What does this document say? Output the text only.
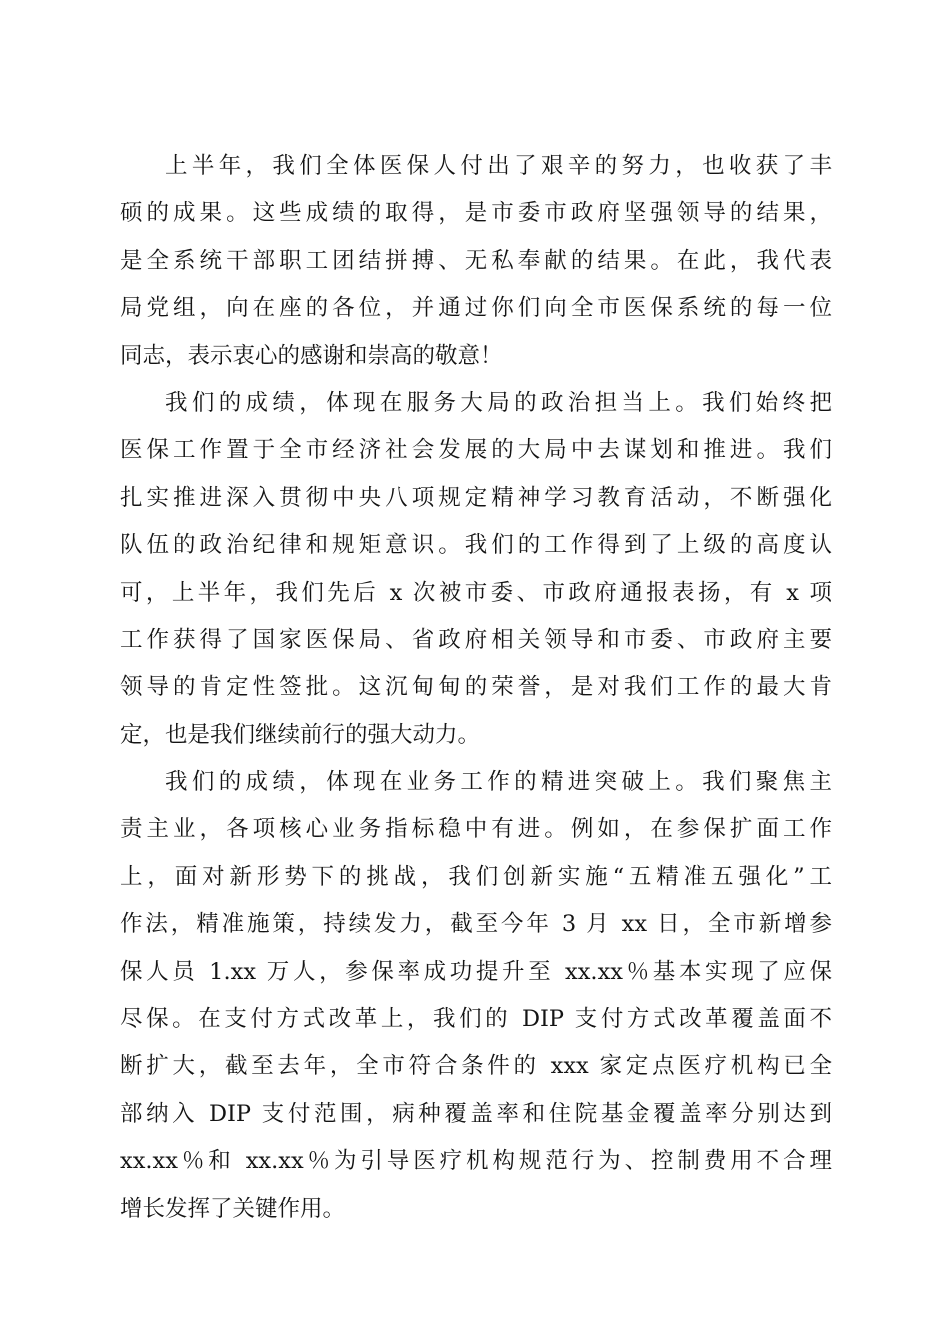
上半年，我们全体医保人付出了艰辛的努力，也收获了丰
硕的成果。这些成绩的取得，是市委市政府坚强领导的结果，
是全系统干部职工团结拼搏、无私奉献的结果。在此，我代表
局党组，向在座的各位，并通过你们向全市医保系统的每一位
同志，表示衷心的感谢和崇高的敬意！
我们的成绩，体现在服务大局的政治担当上。我们始终把
医保工作置于全市经济社会发展的大局中去谋划和推进。我们
扎实推进深入贯彻中央八项规定精神学习教育活动，不断强化
队伍的政治纪律和规矩意识。我们的工作得到了上级的高度认
可，上半年，我们先后 x 次被市委、市政府通报表扬，有 x 项
工作获得了国家医保局、省政府相关领导和市委、市政府主要
领导的肯定性签批。这沉甸甸的荣誉，是对我们工作的最大肯
定，也是我们继续前行的强大动力。
我们的成绩，体现在业务工作的精进突破上。我们聚焦主
责主业，各项核心业务指标稳中有进。例如，在参保扩面工作
上，面对新形势下的挑战，我们创新实施“五精准五强化”工
作法，精准施策，持续发力，截至今年 3 月 xx 日，全市新增参
保人员 1.xx 万人，参保率成功提升至 xx.xx％基本实现了应保
尽保。在支付方式改革上，我们的 DIP 支付方式改革覆盖面不
断扩大，截至去年，全市符合条件的 xxx 家定点医疗机构已全
部纳入 DIP 支付范围，病种覆盖率和住院基金覆盖率分别达到
xx.xx％和 xx.xx％为引导医疗机构规范行为、控制费用不合理
增长发挥了关键作用。
